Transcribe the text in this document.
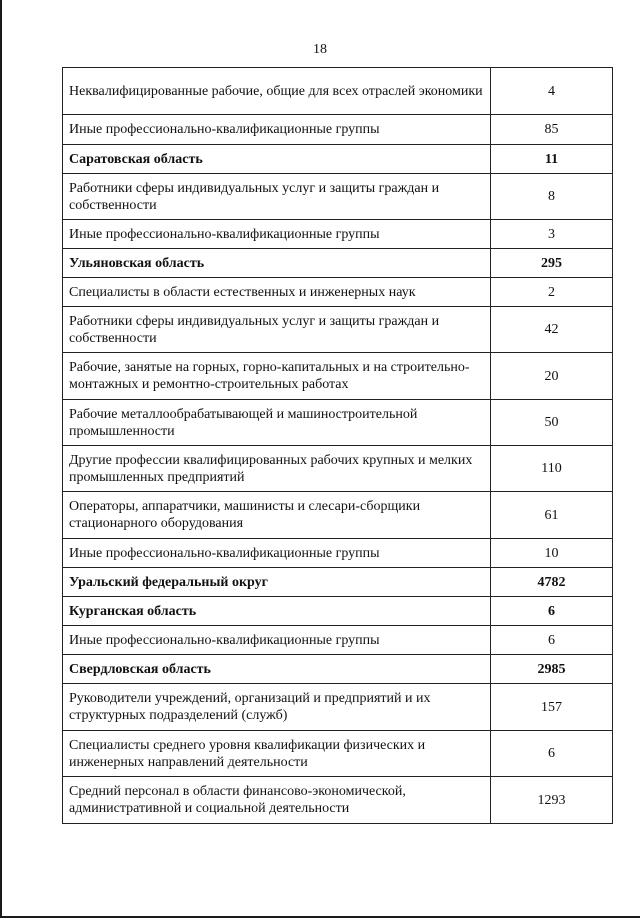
18
Неквалифицированные рабочие, общие для всех отраслей экономики	4
Иные профессионально-квалификационные группы	85
Саратовская область	11
Работники сферы индивидуальных услуг и защиты граждан и собственности	8
Иные профессионально-квалификационные группы	3
Ульяновская область	295
Специалисты в области естественных и инженерных наук	2
Работники сферы индивидуальных услуг и защиты граждан и собственности	42
Рабочие, занятые на горных, горно-капитальных и на строительно-монтажных и ремонтно-строительных работах	20
Рабочие металлообрабатывающей и машиностроительной промышленности	50
Другие профессии квалифицированных рабочих крупных и мелких промышленных предприятий	110
Операторы, аппаратчики, машинисты и слесари-сборщики стационарного оборудования	61
Иные профессионально-квалификационные группы	10
Уральский федеральный округ	4782
Курганская область	6
Иные профессионально-квалификационные группы	6
Свердловская область	2985
Руководители учреждений, организаций и предприятий и их структурных подразделений (служб)	157
Специалисты среднего уровня квалификации физических и инженерных направлений деятельности	6
Средний персонал в области финансово-экономической, административной и социальной деятельности	1293
